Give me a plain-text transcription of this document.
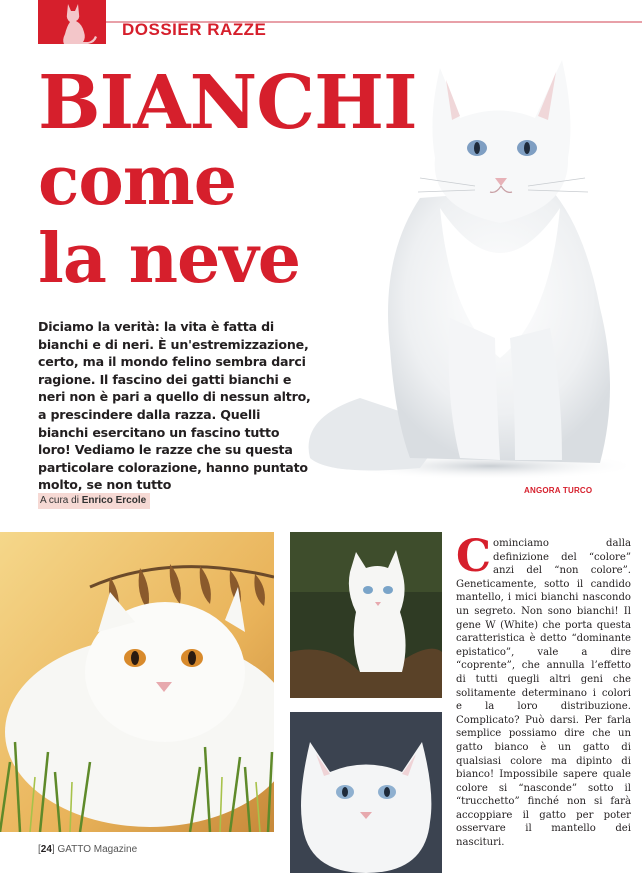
DOSSIER RAZZE
BIANCHI
come
la neve
ANGORA TURCO

Diciamo la verità: la vita è fatta di bianchi e di neri. È un'estremizzazione, certo, ma il mondo felino sembra darci ragione. Il fascino dei gatti bianchi e neri non è pari a quello di nessun altro, a prescindere dalla razza. Quelli bianchi esercitano un fascino tutto loro! Vediamo le razze che su questa particolare colorazione, hanno puntato molto, se non tutto

A cura di Enrico Ercole
Cominciamo dalla definizione del “colore” anzi del “non colore”. Geneticamente, sotto il candido mantello, i mici bianchi nascondo un segreto. Non sono bianchi! Il gene W (White) che porta questa caratteristica è detto “dominante epistatico”, vale a dire “coprente”, che annulla l’effetto di tutti quegli altri geni che solitamente determinano i colori e la loro distribuzione. Complicato? Può darsi. Per farla semplice possiamo dire che un gatto bianco è un gatto di qualsiasi colore ma dipinto di bianco! Impossibile sapere quale colore si “nasconde” sotto il “trucchetto” finché non si farà accoppiare il gatto per poter osservare il mantello dei nascituri.
[24] GATTO Magazine
